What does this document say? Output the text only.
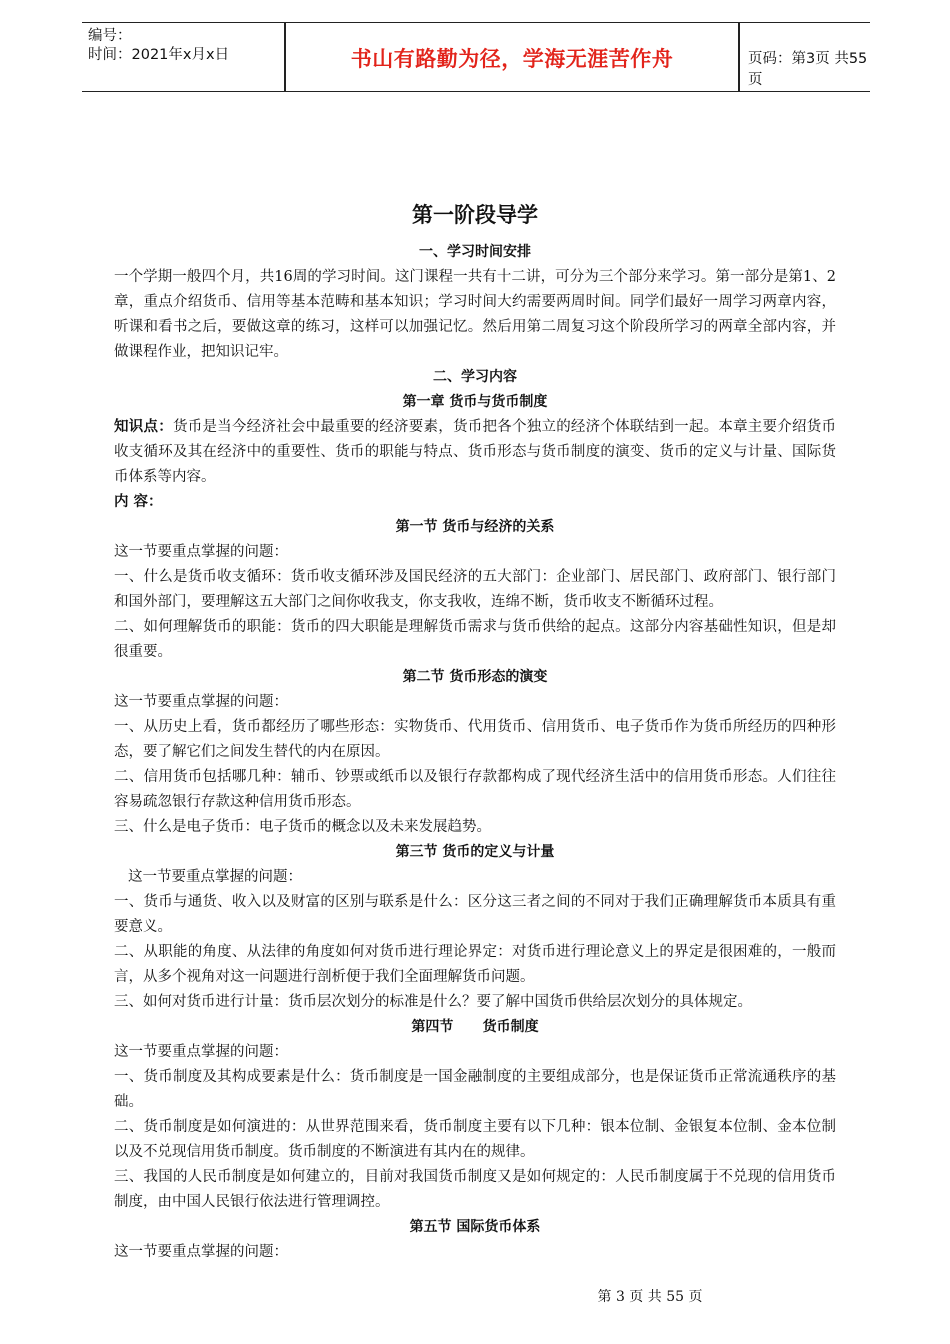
编号：
时间：2021年x月x日	书山有路勤为径，学海无涯苦作舟	页码：第3页 共55页
第一阶段导学
一、学习时间安排

一个学期一般四个月，共16周的学习时间。这门课程一共有十二讲，可分为三个部分来学习。第一部分是第1、2章，重点介绍货币、信用等基本范畴和基本知识；学习时间大约需要两周时间。同学们最好一周学习两章内容，听课和看书之后，要做这章的练习，这样可以加强记忆。然后用第二周复习这个阶段所学习的两章全部内容，并做课程作业，把知识记牢。

二、学习内容
第一章 货币与货币制度

知识点：货币是当今经济社会中最重要的经济要素，货币把各个独立的经济个体联结到一起。本章主要介绍货币收支循环及其在经济中的重要性、货币的职能与特点、货币形态与货币制度的演变、货币的定义与计量、国际货币体系等内容。

内 容：

第一节 货币与经济的关系

这一节要重点掌握的问题：

一、什么是货币收支循环：货币收支循环涉及国民经济的五大部门：企业部门、居民部门、政府部门、银行部门和国外部门，要理解这五大部门之间你收我支，你支我收，连绵不断，货币收支不断循环过程。

二、如何理解货币的职能：货币的四大职能是理解货币需求与货币供给的起点。这部分内容基础性知识，但是却很重要。

第二节 货币形态的演变

这一节要重点掌握的问题：

一、从历史上看，货币都经历了哪些形态：实物货币、代用货币、信用货币、电子货币作为货币所经历的四种形态，要了解它们之间发生替代的内在原因。

二、信用货币包括哪几种：辅币、钞票或纸币以及银行存款都构成了现代经济生活中的信用货币形态。人们往往容易疏忽银行存款这种信用货币形态。

三、什么是电子货币：电子货币的概念以及未来发展趋势。

第三节 货币的定义与计量

这一节要重点掌握的问题：

一、货币与通货、收入以及财富的区别与联系是什么：区分这三者之间的不同对于我们正确理解货币本质具有重要意义。

二、从职能的角度、从法律的角度如何对货币进行理论界定：对货币进行理论意义上的界定是很困难的，一般而言，从多个视角对这一问题进行剖析便于我们全面理解货币问题。

三、如何对货币进行计量：货币层次划分的标准是什么？要了解中国货币供给层次划分的具体规定。

第四节      货币制度

这一节要重点掌握的问题：

一、货币制度及其构成要素是什么：货币制度是一国金融制度的主要组成部分，也是保证货币正常流通秩序的基础。

二、货币制度是如何演进的：从世界范围来看，货币制度主要有以下几种：银本位制、金银复本位制、金本位制以及不兑现信用货币制度。货币制度的不断演进有其内在的规律。

三、我国的人民币制度是如何建立的，目前对我国货币制度又是如何规定的：人民币制度属于不兑现的信用货币制度，由中国人民银行依法进行管理调控。

第五节 国际货币体系

这一节要重点掌握的问题：

第 3 页 共 55 页
